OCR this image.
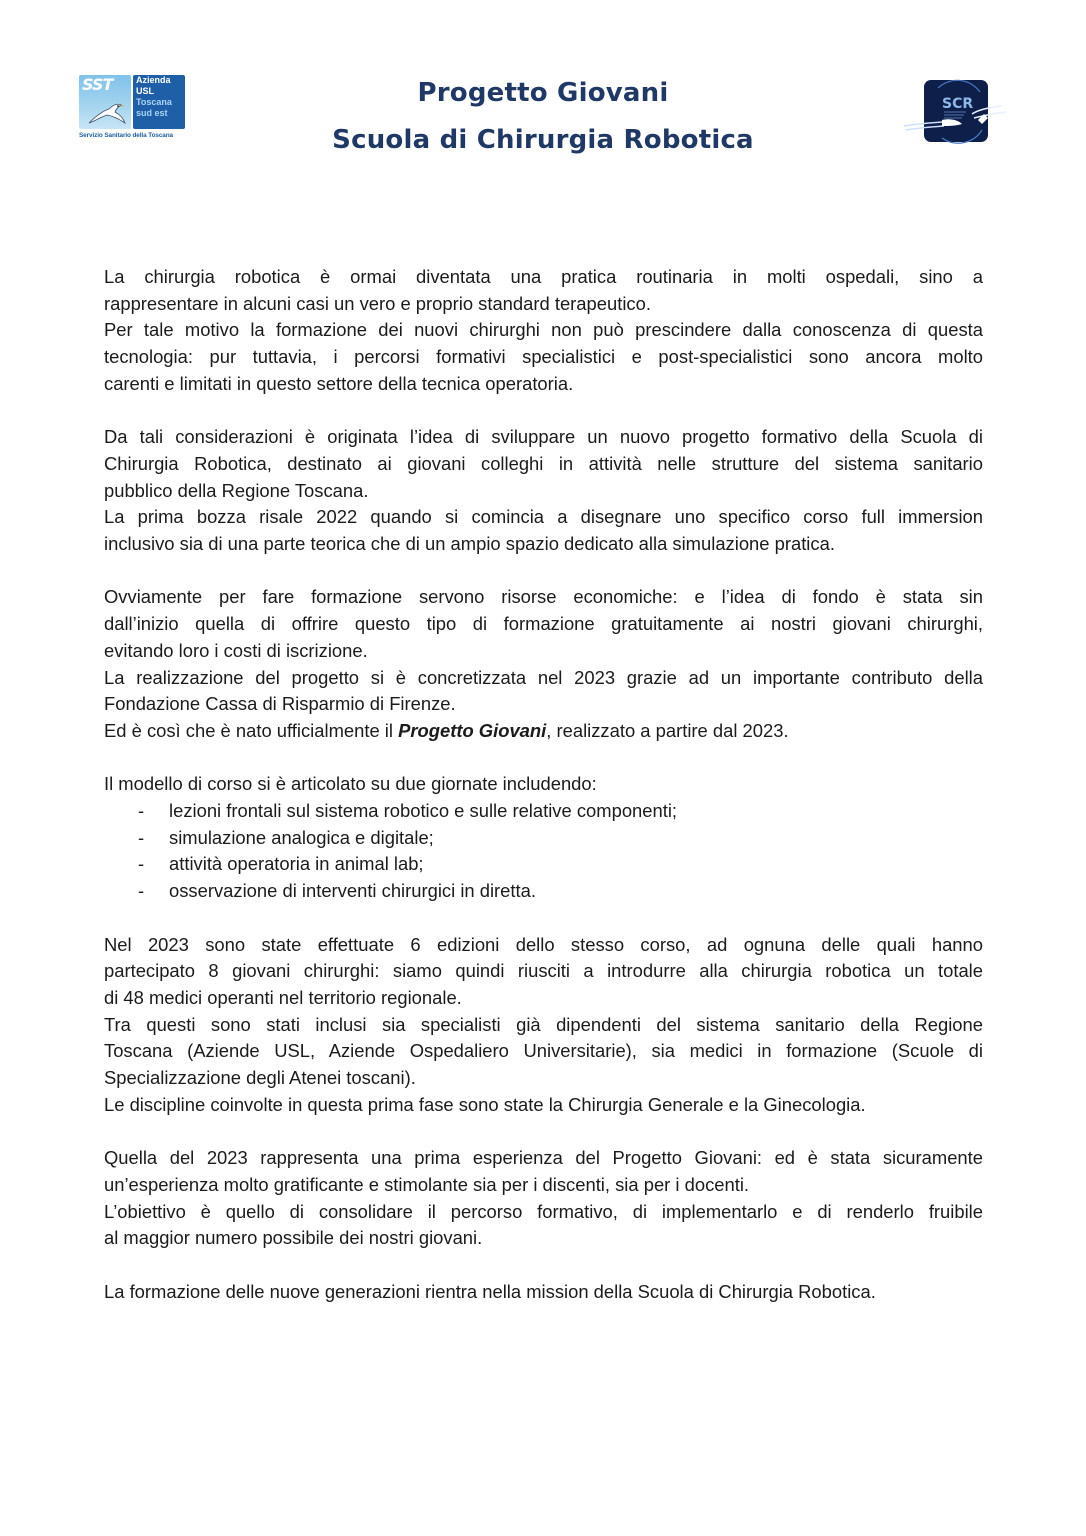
SST	Azienda
USL
Toscana
sud est
Servizio Sanitario della Toscana
Progetto Giovani
Scuola di Chirurgia Robotica
SCR

La chirurgia robotica è ormai diventata una pratica routinaria in molti ospedali, sino a
rappresentare in alcuni casi un vero e proprio standard terapeutico.
Per tale motivo la formazione dei nuovi chirurghi non può prescindere dalla conoscenza di questa
tecnologia: pur tuttavia, i percorsi formativi specialistici e post-specialistici sono ancora molto
carenti e limitati in questo settore della tecnica operatoria.

Da tali considerazioni è originata l’idea di sviluppare un nuovo progetto formativo della Scuola di
Chirurgia Robotica, destinato ai giovani colleghi in attività nelle strutture del sistema sanitario
pubblico della Regione Toscana.
La prima bozza risale 2022 quando si comincia a disegnare uno specifico corso full immersion
inclusivo sia di una parte teorica che di un ampio spazio dedicato alla simulazione pratica.

Ovviamente per fare formazione servono risorse economiche: e l’idea di fondo è stata sin
dall’inizio quella di offrire questo tipo di formazione gratuitamente ai nostri giovani chirurghi,
evitando loro i costi di iscrizione.
La realizzazione del progetto si è concretizzata nel 2023 grazie ad un importante contributo della
Fondazione Cassa di Risparmio di Firenze.
Ed è così che è nato ufficialmente il Progetto Giovani, realizzato a partire dal 2023.

Il modello di corso si è articolato su due giornate includendo:
- lezioni frontali sul sistema robotico e sulle relative componenti;
- simulazione analogica e digitale;
- attività operatoria in animal lab;
- osservazione di interventi chirurgici in diretta.

Nel 2023 sono state effettuate 6 edizioni dello stesso corso, ad ognuna delle quali hanno
partecipato 8 giovani chirurghi: siamo quindi riusciti a introdurre alla chirurgia robotica un totale
di 48 medici operanti nel territorio regionale.
Tra questi sono stati inclusi sia specialisti già dipendenti del sistema sanitario della Regione
Toscana (Aziende USL, Aziende Ospedaliero Universitarie), sia medici in formazione (Scuole di
Specializzazione degli Atenei toscani).
Le discipline coinvolte in questa prima fase sono state la Chirurgia Generale e la Ginecologia.

Quella del 2023 rappresenta una prima esperienza del Progetto Giovani: ed è stata sicuramente
un’esperienza molto gratificante e stimolante sia per i discenti, sia per i docenti.
L’obiettivo è quello di consolidare il percorso formativo, di implementarlo e di renderlo fruibile
al maggior numero possibile dei nostri giovani.

La formazione delle nuove generazioni rientra nella mission della Scuola di Chirurgia Robotica.
